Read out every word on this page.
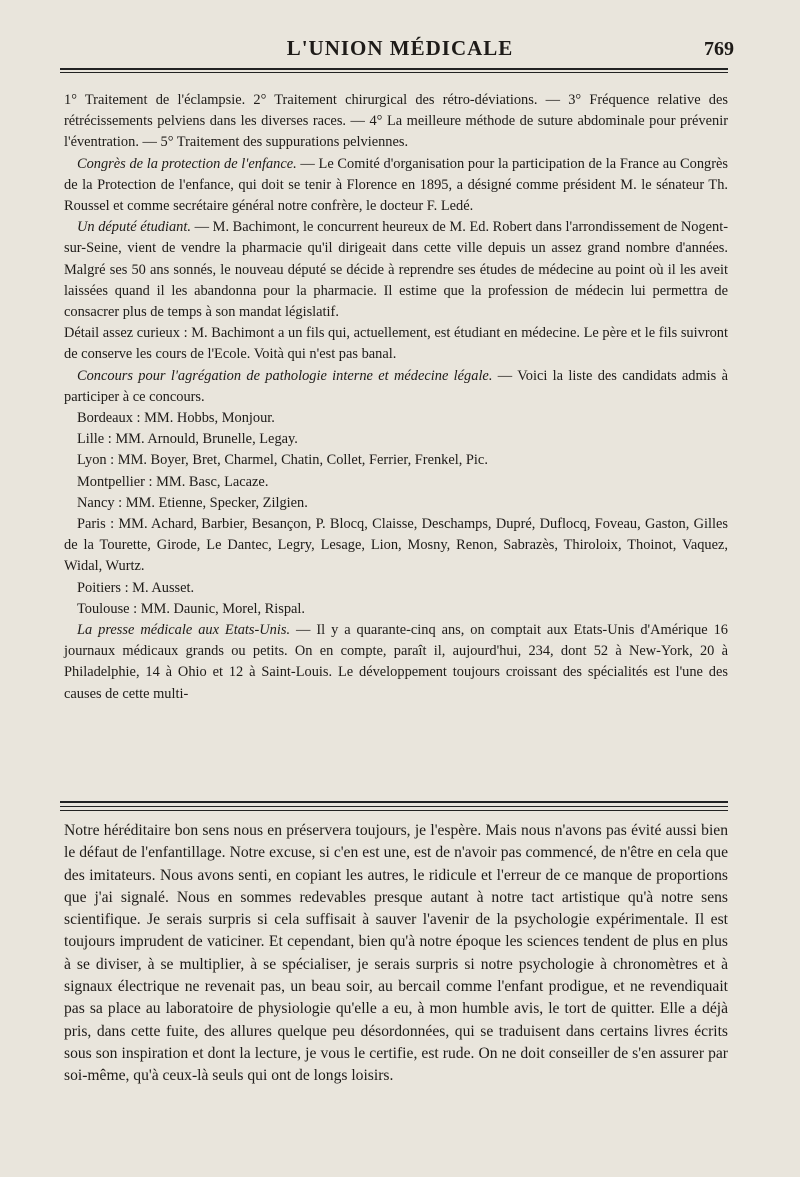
L'UNION MÉDICALE	769

1° Traitement de l'éclampsie. 2° Traitement chirurgical des rétro-déviations. — 3° Fréquence relative des rétrécissements pelviens dans les diverses races. — 4° La meilleure méthode de suture abdominale pour prévenir l'éventration. — 5° Traitement des suppurations pelviennes.

Congrès de la protection de l'enfance. — Le Comité d'organisation pour la participation de la France au Congrès de la Protection de l'enfance, qui doit se tenir à Florence en 1895, a désigné comme président M. le sénateur Th. Roussel et comme secrétaire général notre confrère, le docteur F. Ledé.

Un député étudiant. — M. Bachimont, le concurrent heureux de M. Ed. Robert dans l'arrondissement de Nogent-sur-Seine, vient de vendre la pharmacie qu'il dirigeait dans cette ville depuis un assez grand nombre d'années. Malgré ses 50 ans sonnés, le nouveau député se décide à reprendre ses études de médecine au point où il les aveit laissées quand il les abandonna pour la pharmacie. Il estime que la profession de médecin lui permettra de consacrer plus de temps à son mandat législatif.

Détail assez curieux : M. Bachimont a un fils qui, actuellement, est étudiant en médecine. Le père et le fils suivront de conserve les cours de l'Ecole. Voità qui n'est pas banal.

Concours pour l'agrégation de pathologie interne et médecine légale. — Voici la liste des candidats admis à participer à ce concours.

Bordeaux : MM. Hobbs, Monjour.

Lille : MM. Arnould, Brunelle, Legay.

Lyon : MM. Boyer, Bret, Charmel, Chatin, Collet, Ferrier, Frenkel, Pic.

Montpellier : MM. Basc, Lacaze.

Nancy : MM. Etienne, Specker, Zilgien.

Paris : MM. Achard, Barbier, Besançon, P. Blocq, Claisse, Deschamps, Dupré, Duflocq, Foveau, Gaston, Gilles de la Tourette, Girode, Le Dantec, Legry, Lesage, Lion, Mosny, Renon, Sabrazès, Thiroloix, Thoinot, Vaquez, Widal, Wurtz.

Poitiers : M. Ausset.

Toulouse : MM. Daunic, Morel, Rispal.

La presse médicale aux Etats-Unis. — Il y a quarante-cinq ans, on comptait aux Etats-Unis d'Amérique 16 journaux médicaux grands ou petits. On en compte, paraît il, aujourd'hui, 234, dont 52 à New-York, 20 à Philadelphie, 14 à Ohio et 12 à Saint-Louis. Le développement toujours croissant des spécialités est l'une des causes de cette multi-

Notre héréditaire bon sens nous en préservera toujours, je l'espère. Mais nous n'avons pas évité aussi bien le défaut de l'enfantillage. Notre excuse, si c'en est une, est de n'avoir pas commencé, de n'être en cela que des imitateurs. Nous avons senti, en copiant les autres, le ridicule et l'erreur de ce manque de proportions que j'ai signalé. Nous en sommes redevables presque autant à notre tact artistique qu'à notre sens scientifique. Je serais surpris si cela suffisait à sauver l'avenir de la psychologie expérimentale. Il est toujours imprudent de vaticiner. Et cependant, bien qu'à notre époque les sciences tendent de plus en plus à se diviser, à se multiplier, à se spécialiser, je serais surpris si notre psychologie à chronomètres et à signaux électrique ne revenait pas, un beau soir, au bercail comme l'enfant prodigue, et ne revendiquait pas sa place au laboratoire de physiologie qu'elle a eu, à mon humble avis, le tort de quitter. Elle a déjà pris, dans cette fuite, des allures quelque peu désordonnées, qui se traduisent dans certains livres écrits sous son inspiration et dont la lecture, je vous le certifie, est rude. On ne doit conseiller de s'en assurer par soi-même, qu'à ceux-là seuls qui ont de longs loisirs.
